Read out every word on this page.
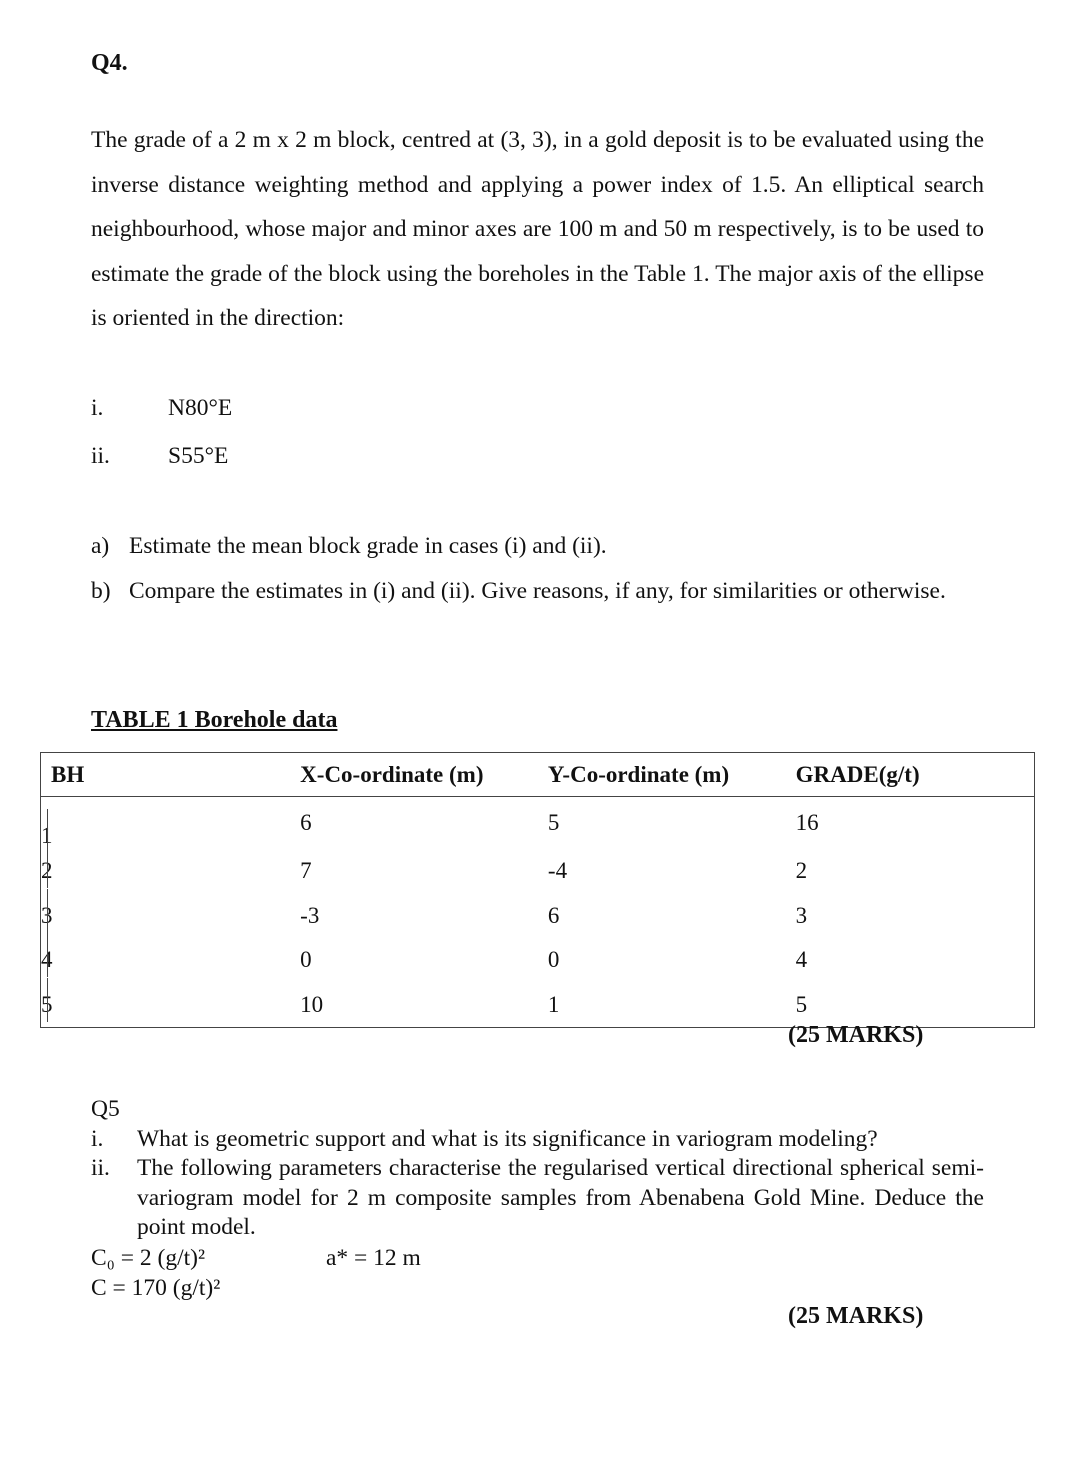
Q4.

The grade of a 2 m x 2 m block, centred at (3, 3), in a gold deposit is to be evaluated using the inverse distance weighting method and applying a power index of 1.5. An elliptical search neighbourhood, whose major and minor axes are 100 m and 50 m respectively, is to be used to estimate the grade of the block using the boreholes in the Table 1. The major axis of the ellipse is oriented in the direction:

i.	N80°E
ii. S55°E
a) Estimate the mean block grade in cases (i) and (ii).
b) Compare the estimates in (i) and (ii). Give reasons, if any, for similarities or otherwise.
TABLE 1 Borehole data
BH	X-Co-ordinate (m)	Y-Co-ordinate (m)	GRADE(g/t)

1	6	5	16

2	7	-4	2

3	-3	6	3

4	0	0	4

5	10	1	5
(25 MARKS)
Q5
i. What is geometric support and what is its significance in variogram modeling?
ii. The following parameters characterise the regularised vertical directional spherical semi-variogram model for 2 m composite samples from Abenabena Gold Mine. Deduce the point model.
C₀ = 2 (g/t)²	a* = 12 m
C = 170 (g/t)²
(25 MARKS)
